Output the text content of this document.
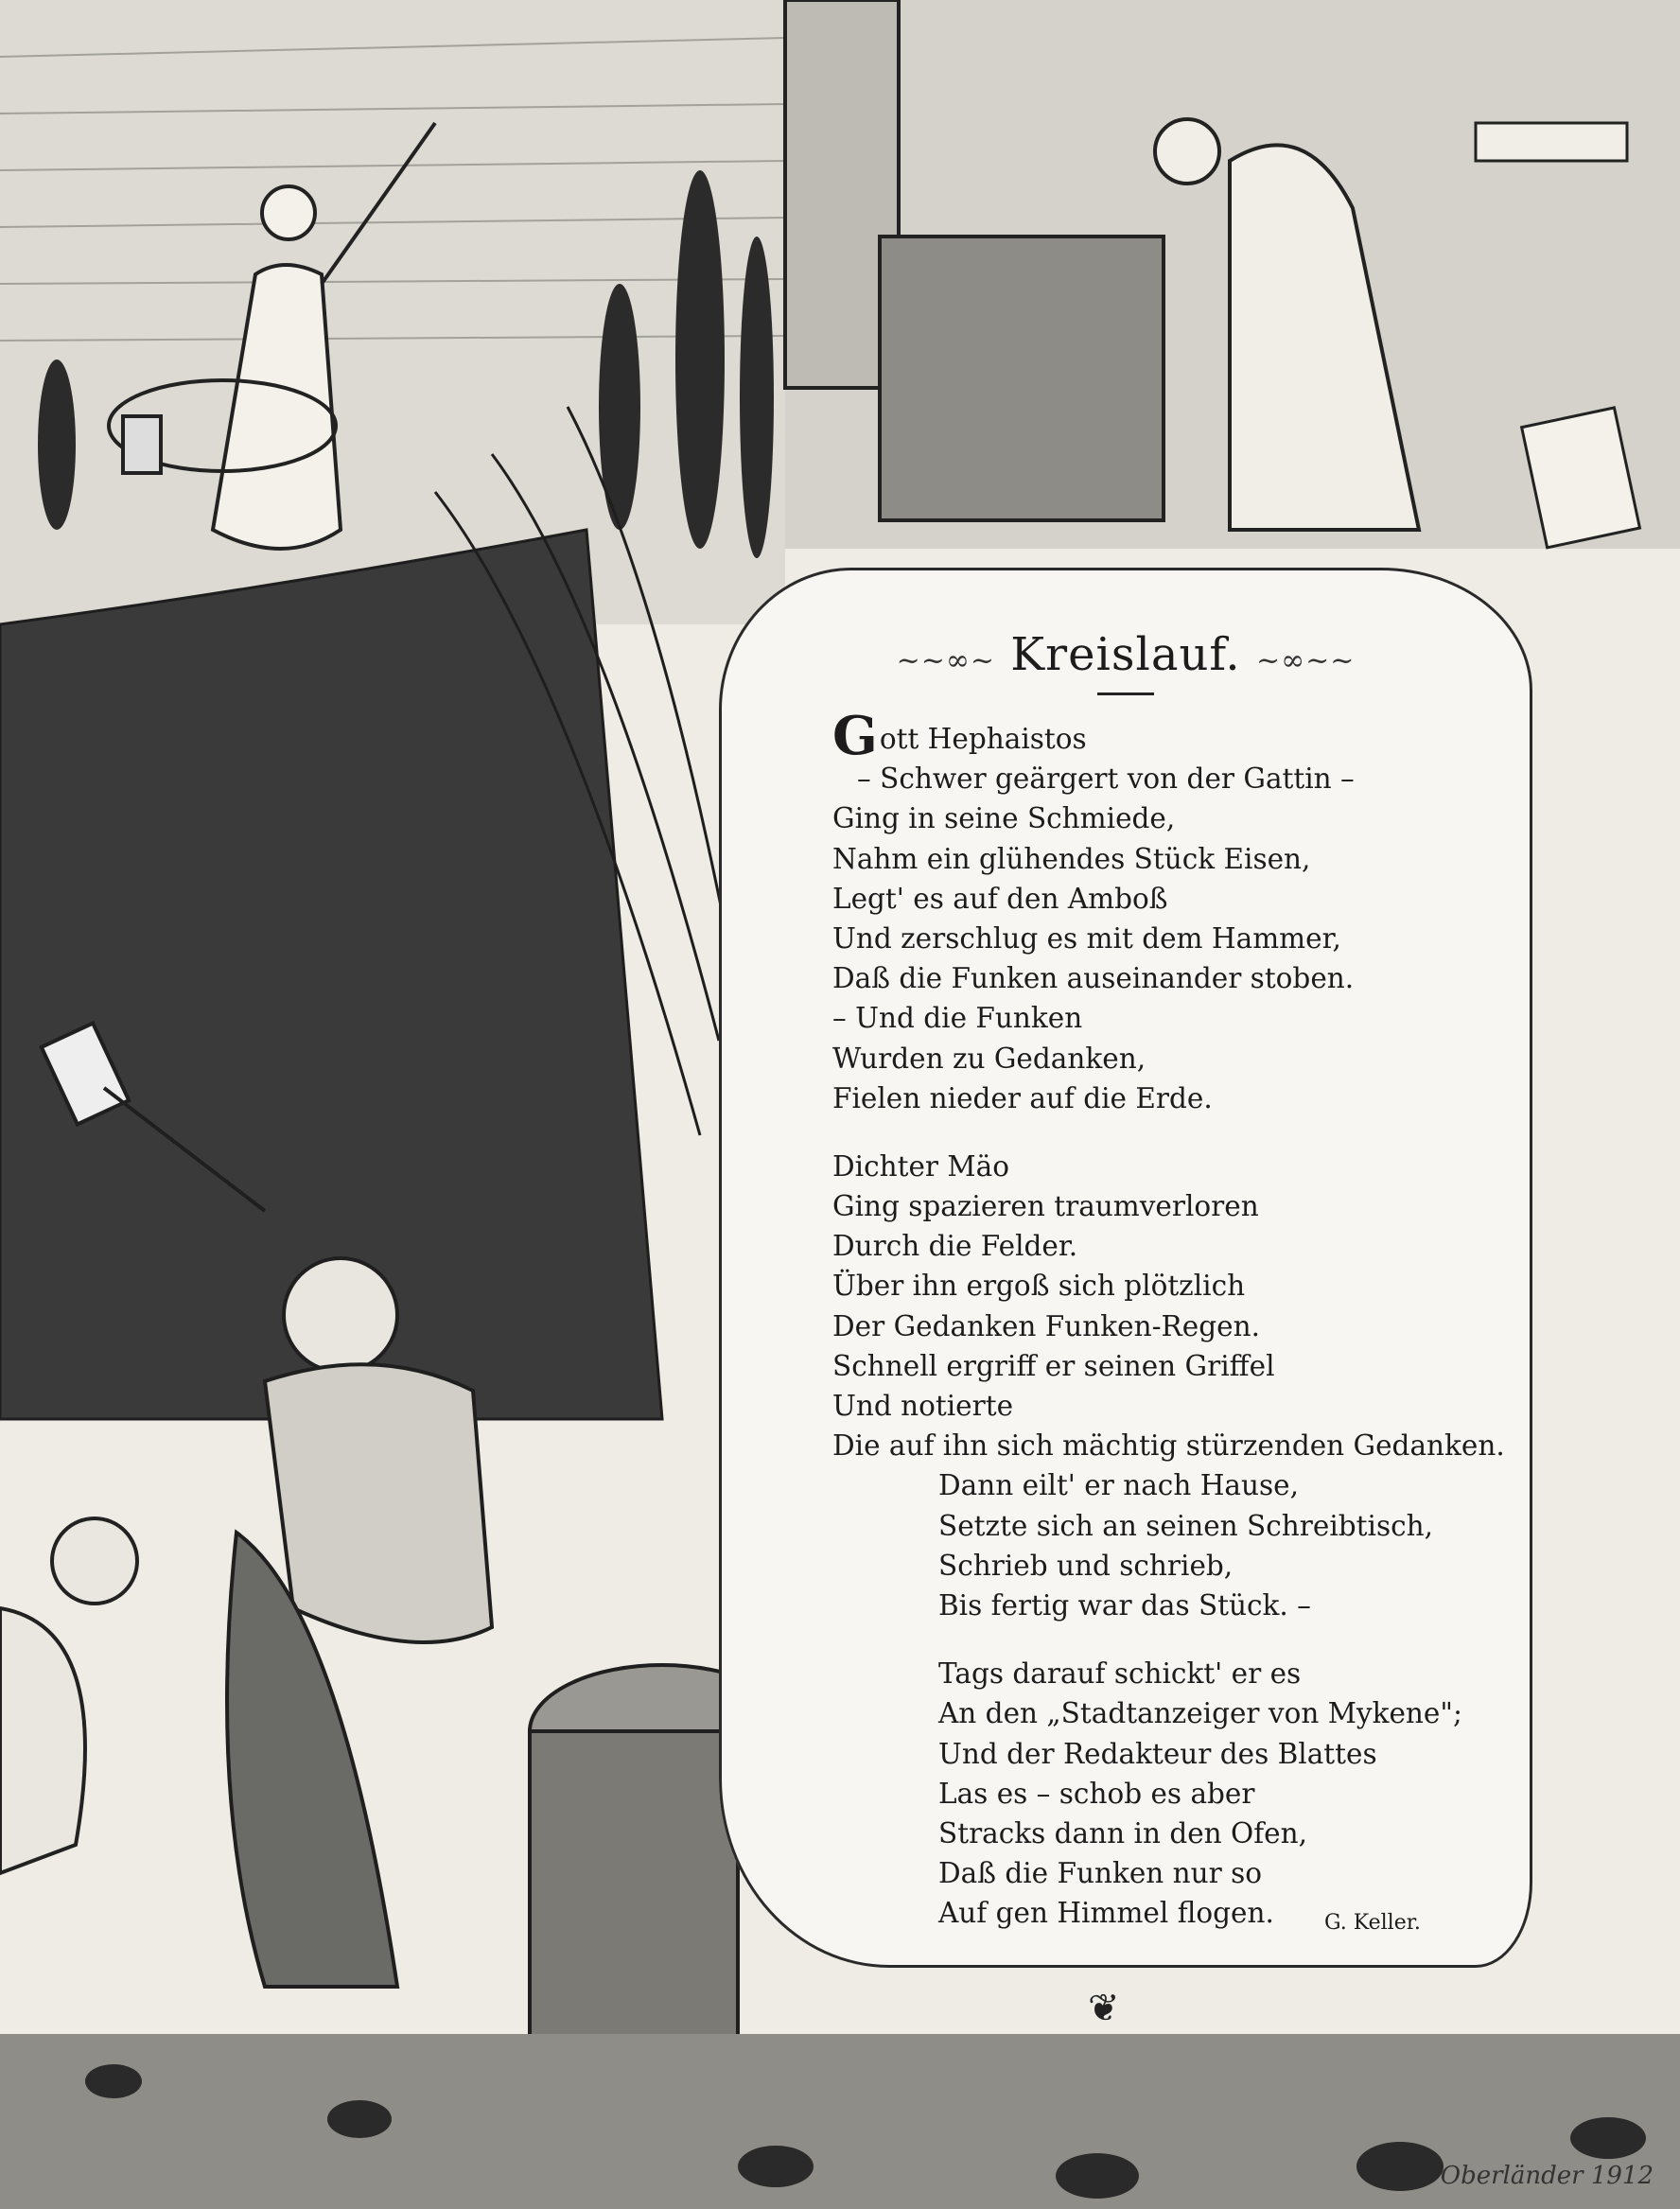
~~∞~ Kreislauf. ~∞~~
Gott Hephaistos
– Schwer geärgert von der Gattin –
Ging in seine Schmiede,
Nahm ein glühendes Stück Eisen,
Legt' es auf den Amboß
Und zerschlug es mit dem Hammer,
Daß die Funken auseinander stoben.
– Und die Funken
Wurden zu Gedanken,
Fielen nieder auf die Erde.
Dichter Mäo
Ging spazieren traumverloren
Durch die Felder.
Über ihn ergoß sich plötzlich
Der Gedanken Funken-Regen.
Schnell ergriff er seinen Griffel
Und notierte
Die auf ihn sich mächtig stürzenden Gedanken.
Dann eilt' er nach Hause,
Setzte sich an seinen Schreibtisch,
Schrieb und schrieb,
Bis fertig war das Stück. –
Tags darauf schickt' er es
An den „Stadtanzeiger von Mykene";
Und der Redakteur des Blattes
Las es – schob es aber
Stracks dann in den Ofen,
Daß die Funken nur so
Auf gen Himmel flogen.	G. Keller.
❦
Oberländer 1912
